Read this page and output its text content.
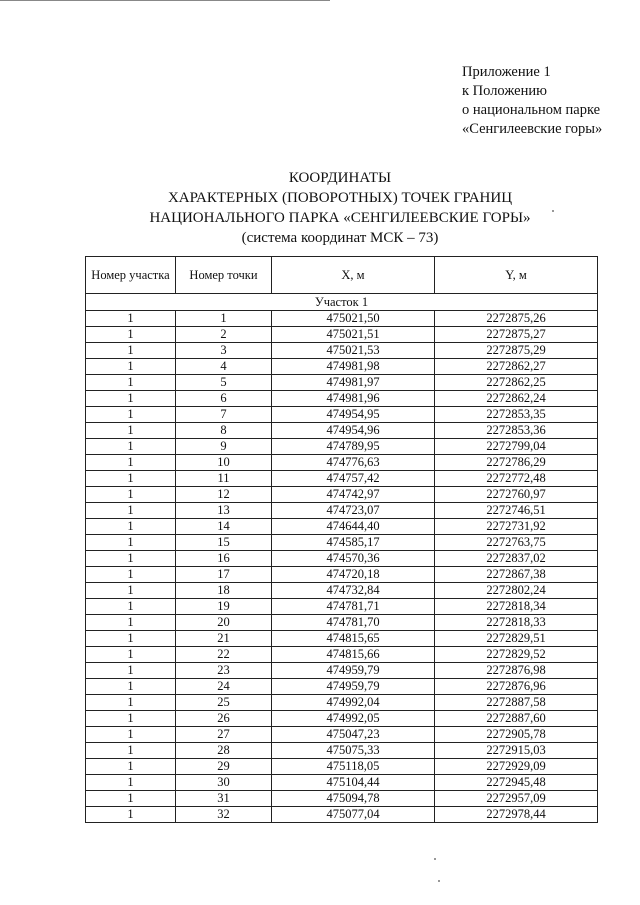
Приложение 1
к Положению
о национальном парке
«Сенгилеевские горы»
КООРДИНАТЫ
ХАРАКТЕРНЫХ (ПОВОРОТНЫХ) ТОЧЕК ГРАНИЦ
НАЦИОНАЛЬНОГО ПАРКА «СЕНГИЛЕЕВСКИЕ ГОРЫ»
(система координат МСК – 73)
Номер участка	Номер точки	X, м	Y, м
Участок 1			
1	1	475021,50	2272875,26
1	2	475021,51	2272875,27
1	3	475021,53	2272875,29
1	4	474981,98	2272862,27
1	5	474981,97	2272862,25
1	6	474981,96	2272862,24
1	7	474954,95	2272853,35
1	8	474954,96	2272853,36
1	9	474789,95	2272799,04
1	10	474776,63	2272786,29
1	11	474757,42	2272772,48
1	12	474742,97	2272760,97
1	13	474723,07	2272746,51
1	14	474644,40	2272731,92
1	15	474585,17	2272763,75
1	16	474570,36	2272837,02
1	17	474720,18	2272867,38
1	18	474732,84	2272802,24
1	19	474781,71	2272818,34
1	20	474781,70	2272818,33
1	21	474815,65	2272829,51
1	22	474815,66	2272829,52
1	23	474959,79	2272876,98
1	24	474959,79	2272876,96
1	25	474992,04	2272887,58
1	26	474992,05	2272887,60
1	27	475047,23	2272905,78
1	28	475075,33	2272915,03
1	29	475118,05	2272929,09
1	30	475104,44	2272945,48
1	31	475094,78	2272957,09
1	32	475077,04	2272978,44
